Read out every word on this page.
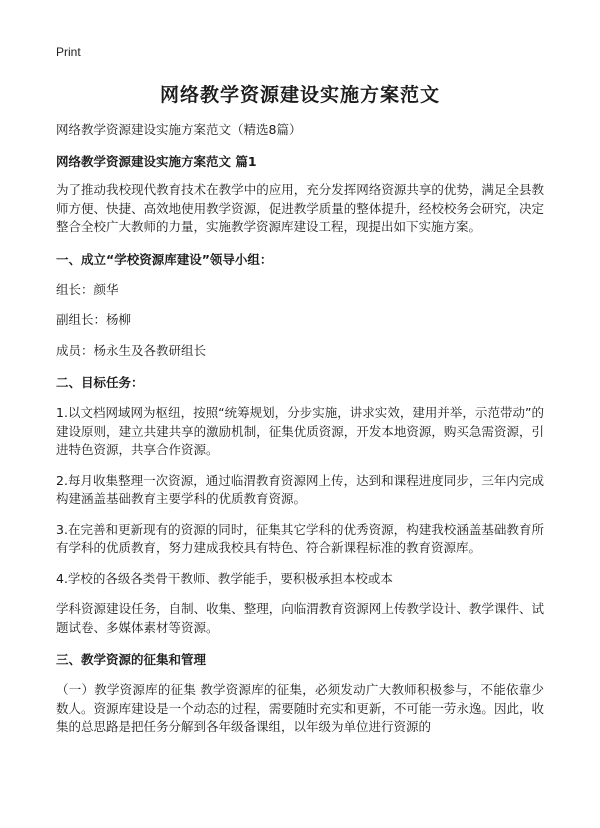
Print
网络教学资源建设实施方案范文
网络教学资源建设实施方案范文（精选8篇）
网络教学资源建设实施方案范文 篇1

为了推动我校现代教育技术在教学中的应用，充分发挥网络资源共享的优势，满足全县教师方便、快捷、高效地使用教学资源，促进教学质量的整体提升，经校校务会研究，决定整合全校广大教师的力量，实施教学资源库建设工程，现提出如下实施方案。

一、成立“学校资源库建设”领导小组：

组长：颜华

副组长：杨柳

成员：杨永生及各教研组长

二、目标任务：

1.以文档网域网为枢纽，按照“统筹规划，分步实施，讲求实效，建用并举，示范带动”的建设原则，建立共建共享的激励机制，征集优质资源，开发本地资源，购买急需资源，引进特色资源，共享合作资源。

2.每月收集整理一次资源，通过临渭教育资源网上传，达到和课程进度同步，三年内完成构建涵盖基础教育主要学科的优质教育资源。

3.在完善和更新现有的资源的同时，征集其它学科的优秀资源，构建我校涵盖基础教育所有学科的优质教育，努力建成我校具有特色、符合新课程标准的教育资源库。

4.学校的各级各类骨干教师、教学能手，要积极承担本校或本

学科资源建设任务，自制、收集、整理，向临渭教育资源网上传教学设计、教学课件、试题试卷、多媒体素材等资源。

三、教学资源的征集和管理

（一）教学资源库的征集 教学资源库的征集，必须发动广大教师积极参与，不能依靠少数人。资源库建设是一个动态的过程，需要随时充实和更新，不可能一劳永逸。因此，收集的总思路是把任务分解到各年级备课组，以年级为单位进行资源的
